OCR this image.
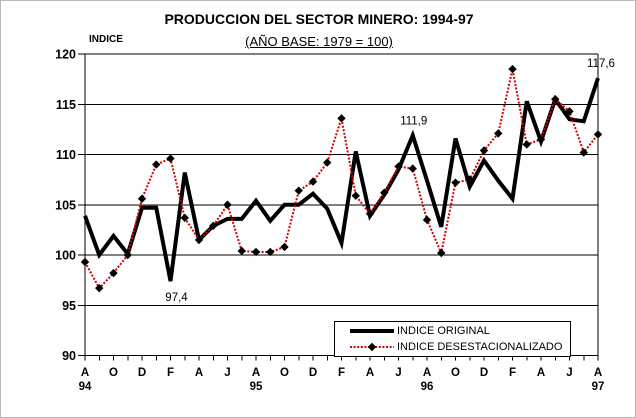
90
95
100
105
110
115
120
A O D F A J A O D F A J A O D F A J A
94	95	96	97
97,4
111,9
117,6
PRODUCCION DEL SECTOR MINERO: 1994-97
(AÑO BASE: 1979 = 100)
INDICE
INDICE ORIGINAL
INDICE DESESTACIONALIZADO
